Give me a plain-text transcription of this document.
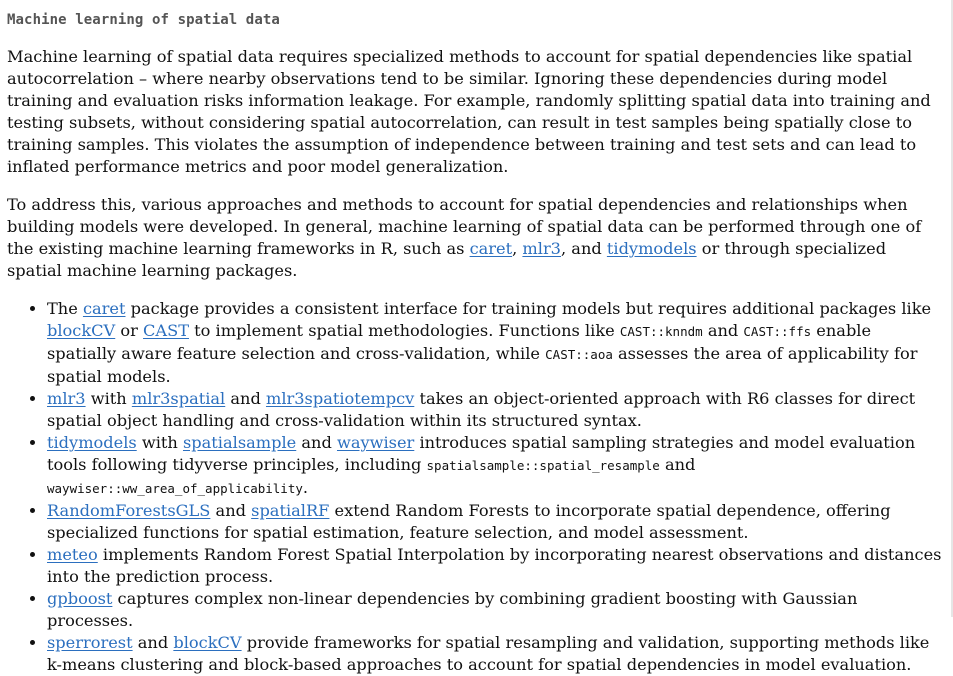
Machine learning of spatial data

Machine learning of spatial data requires specialized methods to account for spatial dependencies like spatial autocorrelation – where nearby observations tend to be similar. Ignoring these dependencies during model training and evaluation risks information leakage. For example, randomly splitting spatial data into training and testing subsets, without considering spatial autocorrelation, can result in test samples being spatially close to training samples. This violates the assumption of independence between training and test sets and can lead to inflated performance metrics and poor model generalization.

To address this, various approaches and methods to account for spatial dependencies and relationships when building models were developed. In general, machine learning of spatial data can be performed through one of the existing machine learning frameworks in R, such as caret, mlr3, and tidymodels or through specialized spatial machine learning packages.

• The caret package provides a consistent interface for training models but requires additional packages like blockCV or CAST to implement spatial methodologies. Functions like CAST::knndm and CAST::ffs enable spatially aware feature selection and cross-validation, while CAST::aoa assesses the area of applicability for spatial models.
• mlr3 with mlr3spatial and mlr3spatiotempcv takes an object-oriented approach with R6 classes for direct spatial object handling and cross-validation within its structured syntax.
• tidymodels with spatialsample and waywiser introduces spatial sampling strategies and model evaluation tools following tidyverse principles, including spatialsample::spatial_resample and waywiser::ww_area_of_applicability.
• RandomForestsGLS and spatialRF extend Random Forests to incorporate spatial dependence, offering specialized functions for spatial estimation, feature selection, and model assessment.
• meteo implements Random Forest Spatial Interpolation by incorporating nearest observations and distances into the prediction process.
• gpboost captures complex non-linear dependencies by combining gradient boosting with Gaussian processes.
• sperrorest and blockCV provide frameworks for spatial resampling and validation, supporting methods like k-means clustering and block-based approaches to account for spatial dependencies in model evaluation.
